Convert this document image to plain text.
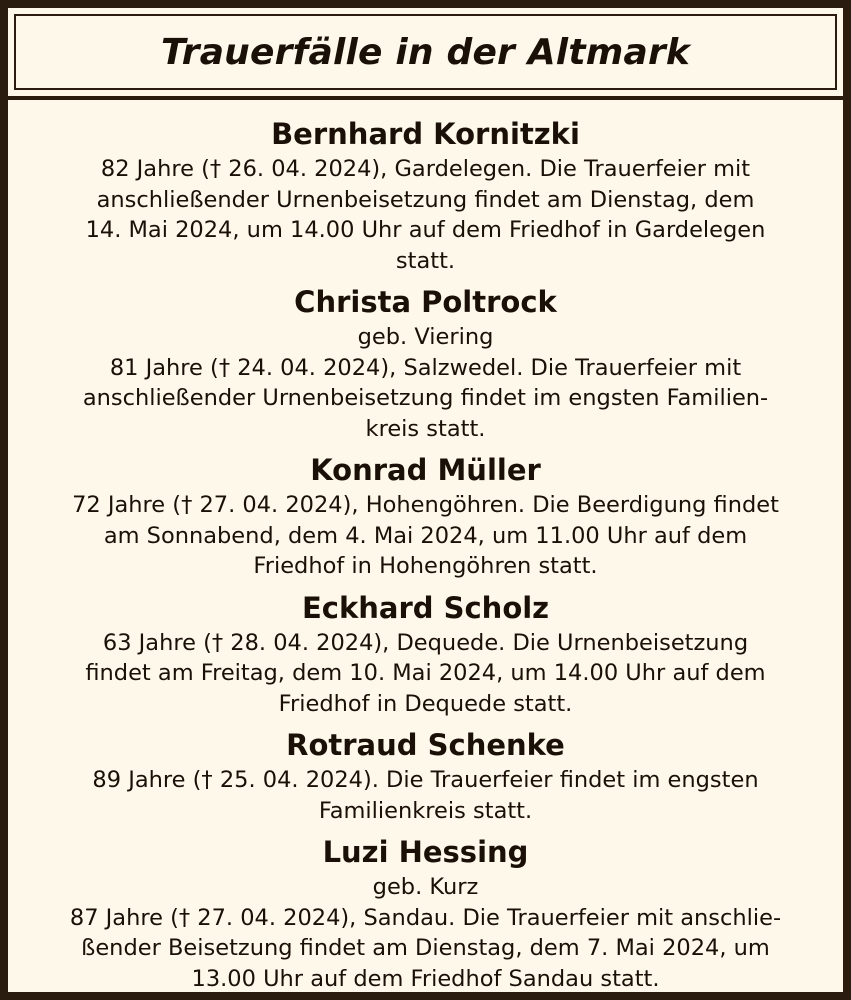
Trauerfälle in der Altmark

Bernhard Kornitzki

82 Jahre († 26. 04. 2024), Gardelegen. Die Trauerfeier mit

anschließender Urnenbeisetzung findet am Dienstag, dem

14. Mai 2024, um 14.00 Uhr auf dem Friedhof in Gardelegen

statt.

Christa Poltrock

geb. Viering

81 Jahre († 24. 04. 2024), Salzwedel. Die Trauerfeier mit

anschließender Urnenbeisetzung findet im engsten Familien-

kreis statt.

Konrad Müller

72 Jahre († 27. 04. 2024), Hohengöhren. Die Beerdigung findet

am Sonnabend, dem 4. Mai 2024, um 11.00 Uhr auf dem

Friedhof in Hohengöhren statt.

Eckhard Scholz

63 Jahre († 28. 04. 2024), Dequede. Die Urnenbeisetzung

findet am Freitag, dem 10. Mai 2024, um 14.00 Uhr auf dem

Friedhof in Dequede statt.

Rotraud Schenke

89 Jahre († 25. 04. 2024). Die Trauerfeier findet im engsten

Familienkreis statt.

Luzi Hessing

geb. Kurz

87 Jahre († 27. 04. 2024), Sandau. Die Trauerfeier mit anschlie-

ßender Beisetzung findet am Dienstag, dem 7. Mai 2024, um

13.00 Uhr auf dem Friedhof Sandau statt.
